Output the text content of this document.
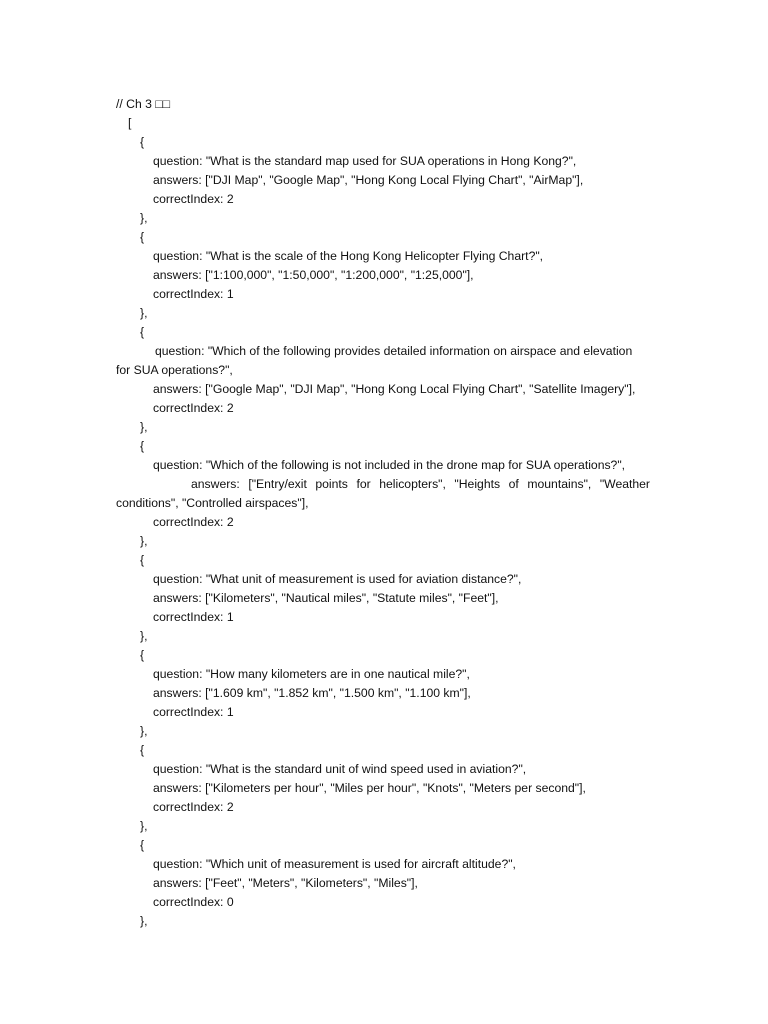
// Ch 3 □□
[
{
question: "What is the standard map used for SUA operations in Hong Kong?",
answers: ["DJI Map", "Google Map", "Hong Kong Local Flying Chart", "AirMap"],
correctIndex: 2
},
{
question: "What is the scale of the Hong Kong Helicopter Flying Chart?",
answers: ["1:100,000", "1:50,000", "1:200,000", "1:25,000"],
correctIndex: 1
},
{
question: "Which of the following provides detailed information on airspace and elevation
for SUA operations?",
answers: ["Google Map", "DJI Map", "Hong Kong Local Flying Chart", "Satellite Imagery"],
correctIndex: 2
},
{
question: "Which of the following is not included in the drone map for SUA operations?",
answers: ["Entry/exit points for helicopters", "Heights of mountains", "Weather
conditions", "Controlled airspaces"],
correctIndex: 2
},
{
question: "What unit of measurement is used for aviation distance?",
answers: ["Kilometers", "Nautical miles", "Statute miles", "Feet"],
correctIndex: 1
},
{
question: "How many kilometers are in one nautical mile?",
answers: ["1.609 km", "1.852 km", "1.500 km", "1.100 km"],
correctIndex: 1
},
{
question: "What is the standard unit of wind speed used in aviation?",
answers: ["Kilometers per hour", "Miles per hour", "Knots", "Meters per second"],
correctIndex: 2
},
{
question: "Which unit of measurement is used for aircraft altitude?",
answers: ["Feet", "Meters", "Kilometers", "Miles"],
correctIndex: 0
},
